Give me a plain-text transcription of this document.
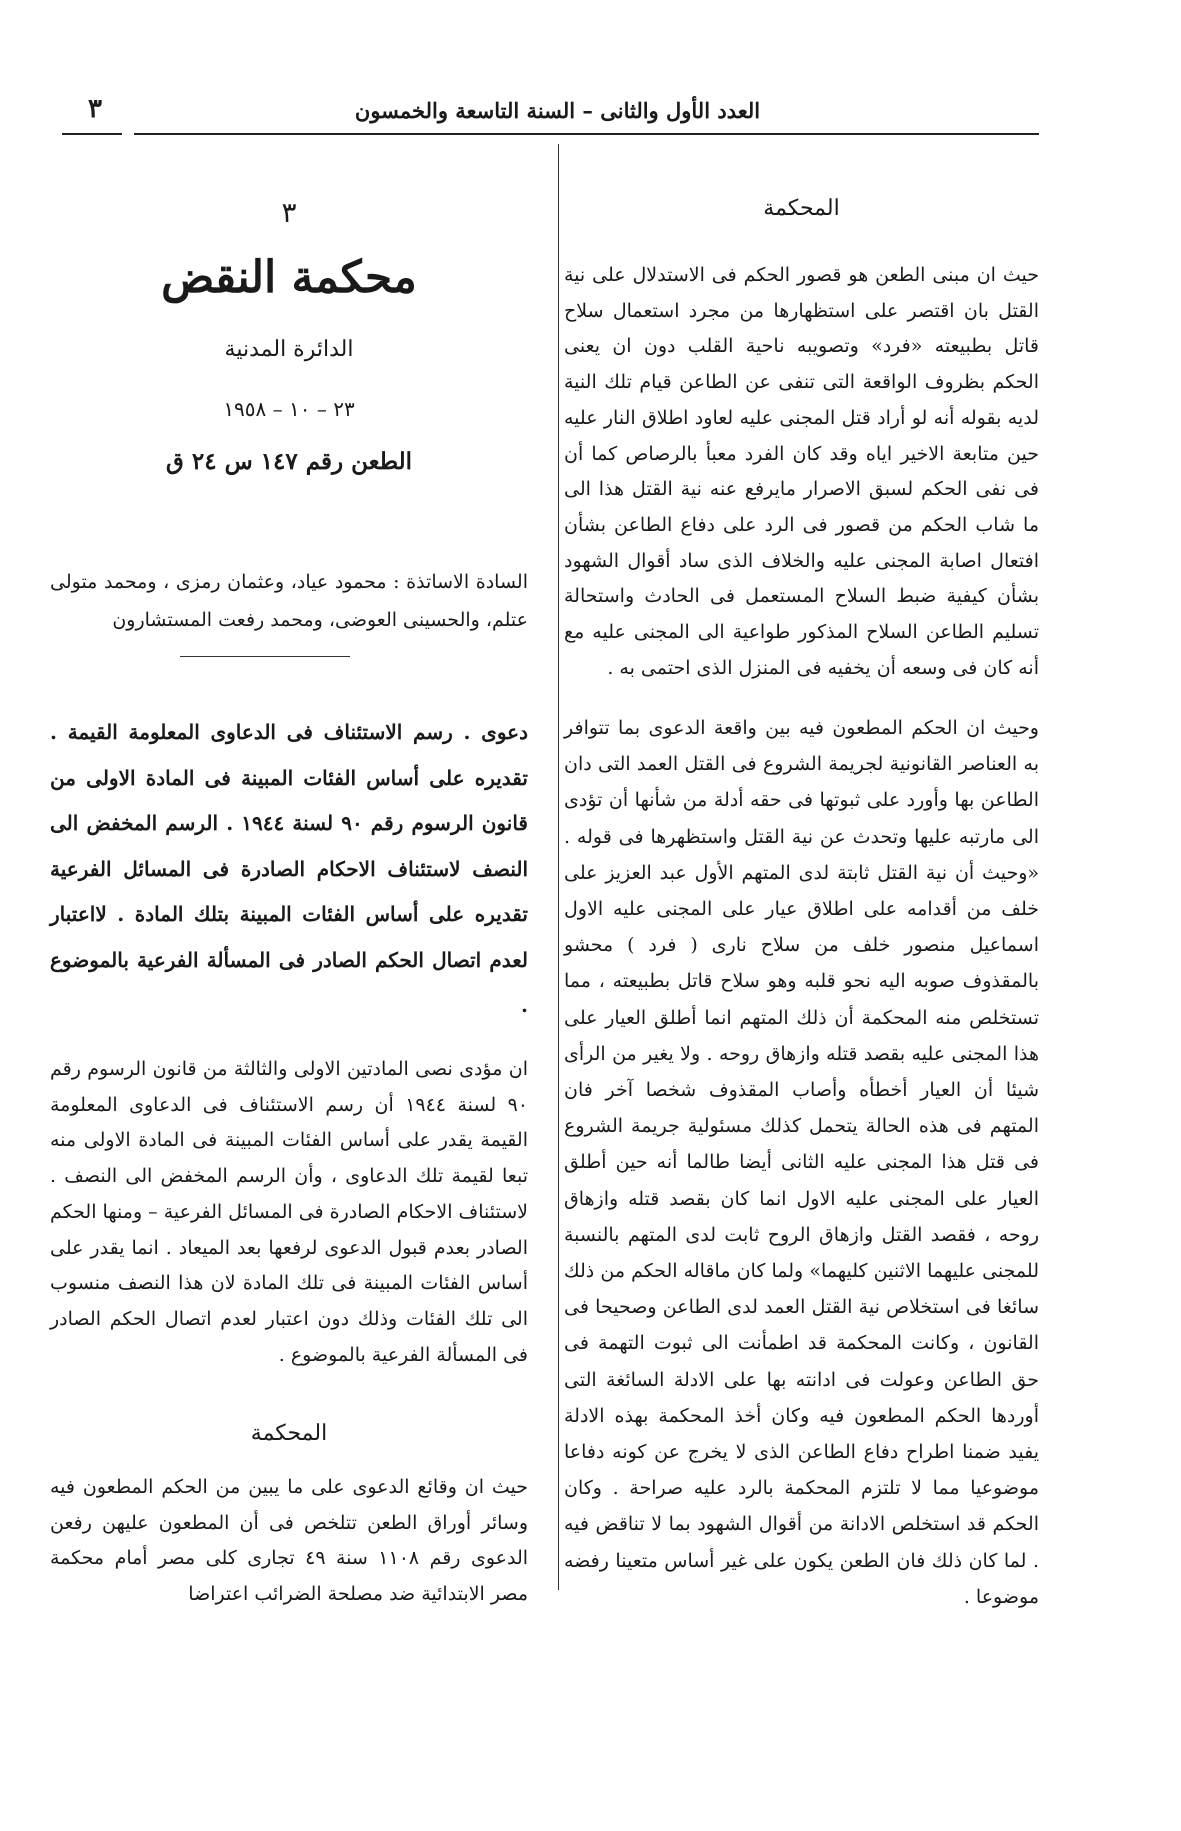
العدد الأول والثانى – السنة التاسعة والخمسون
٣
المحكمة

حيث ان مبنى الطعن هو قصور الحكم فى الاستدلال على نية القتل بان اقتصر على استظهارها من مجرد استعمال سلاح قاتل بطبيعته «فرد» وتصويبه ناحية القلب دون ان يعنى الحكم بظروف الواقعة التى تنفى عن الطاعن قيام تلك النية لديه بقوله أنه لو أراد قتل المجنى عليه لعاود اطلاق النار عليه حين متابعة الاخير اياه وقد كان الفرد معبأ بالرصاص كما أن فى نفى الحكم لسبق الاصرار مايرفع عنه نية القتل هذا الى ما شاب الحكم من قصور فى الرد على دفاع الطاعن بشأن افتعال اصابة المجنى عليه والخلاف الذى ساد أقوال الشهود بشأن كيفية ضبط السلاح المستعمل فى الحادث واستحالة تسليم الطاعن السلاح المذكور طواعية الى المجنى عليه مع أنه كان فى وسعه أن يخفيه فى المنزل الذى احتمى به .

وحيث ان الحكم المطعون فيه بين واقعة الدعوى بما تتوافر به العناصر القانونية لجريمة الشروع فى القتل العمد التى دان الطاعن بها وأورد على ثبوتها فى حقه أدلة من شأنها أن تؤدى الى مارتبه عليها وتحدث عن نية القتل واستظهرها فى قوله . «وحيث أن نية القتل ثابتة لدى المتهم الأول عبد العزيز على خلف من أقدامه على اطلاق عيار على المجنى عليه الاول اسماعيل منصور خلف من سلاح نارى ( فرد ) محشو بالمقذوف صوبه اليه نحو قلبه وهو سلاح قاتل بطبيعته ، مما تستخلص منه المحكمة أن ذلك المتهم انما أطلق العيار على هذا المجنى عليه بقصد قتله وازهاق روحه . ولا يغير من الرأى شيئا أن العيار أخطأه وأصاب المقذوف شخصا آخر فان المتهم فى هذه الحالة يتحمل كذلك مسئولية جريمة الشروع فى قتل هذا المجنى عليه الثانى أيضا طالما أنه حين أطلق العيار على المجنى عليه الاول انما كان بقصد قتله وازهاق روحه ، فقصد القتل وازهاق الروح ثابت لدى المتهم بالنسبة للمجنى عليهما الاثنين كليهما» ولما كان ماقاله الحكم من ذلك سائغا فى استخلاص نية القتل العمد لدى الطاعن وصحيحا فى القانون ، وكانت المحكمة قد اطمأنت الى ثبوت التهمة فى حق الطاعن وعولت فى ادانته بها على الادلة السائغة التى أوردها الحكم المطعون فيه وكان أخذ المحكمة بهذه الادلة يفيد ضمنا اطراح دفاع الطاعن الذى لا يخرج عن كونه دفاعا موضوعيا مما لا تلتزم المحكمة بالرد عليه صراحة . وكان الحكم قد استخلص الادانة من أقوال الشهود بما لا تناقض فيه . لما كان ذلك فان الطعن يكون على غير أساس متعينا رفضه موضوعا .

٣
محكمة النقض
الدائرة المدنية
٢٣ – ١٠ – ١٩٥٨
الطعن رقم ١٤٧ س ٢٤ ق

السادة الاساتذة : محمود عياد، وعثمان رمزى ، ومحمد متولى عتلم، والحسينى العوضى، ومحمد رفعت المستشارون

دعوى . رسم الاستئناف فى الدعاوى المعلومة القيمة . تقديره على أساس الفئات المبينة فى المادة الاولى من قانون الرسوم رقم ٩٠ لسنة ١٩٤٤ . الرسم المخفض الى النصف لاستئناف الاحكام الصادرة فى المسائل الفرعية تقديره على أساس الفئات المبينة بتلك المادة . لااعتبار لعدم اتصال الحكم الصادر فى المسألة الفرعية بالموضوع .

ان مؤدى نصى المادتين الاولى والثالثة من قانون الرسوم رقم ٩٠ لسنة ١٩٤٤ أن رسم الاستئناف فى الدعاوى المعلومة القيمة يقدر على أساس الفئات المبينة فى المادة الاولى منه تبعا لقيمة تلك الدعاوى ، وأن الرسم المخفض الى النصف . لاستئناف الاحكام الصادرة فى المسائل الفرعية – ومنها الحكم الصادر بعدم قبول الدعوى لرفعها بعد الميعاد . انما يقدر على أساس الفئات المبينة فى تلك المادة لان هذا النصف منسوب الى تلك الفئات وذلك دون اعتبار لعدم اتصال الحكم الصادر فى المسألة الفرعية بالموضوع .

المحكمة

حيث ان وقائع الدعوى على ما يبين من الحكم المطعون فيه وسائر أوراق الطعن تتلخص فى أن المطعون عليهن رفعن الدعوى رقم ١١٠٨ سنة ٤٩ تجارى كلى مصر أمام محكمة مصر الابتدائية ضد مصلحة الضرائب اعتراضا
